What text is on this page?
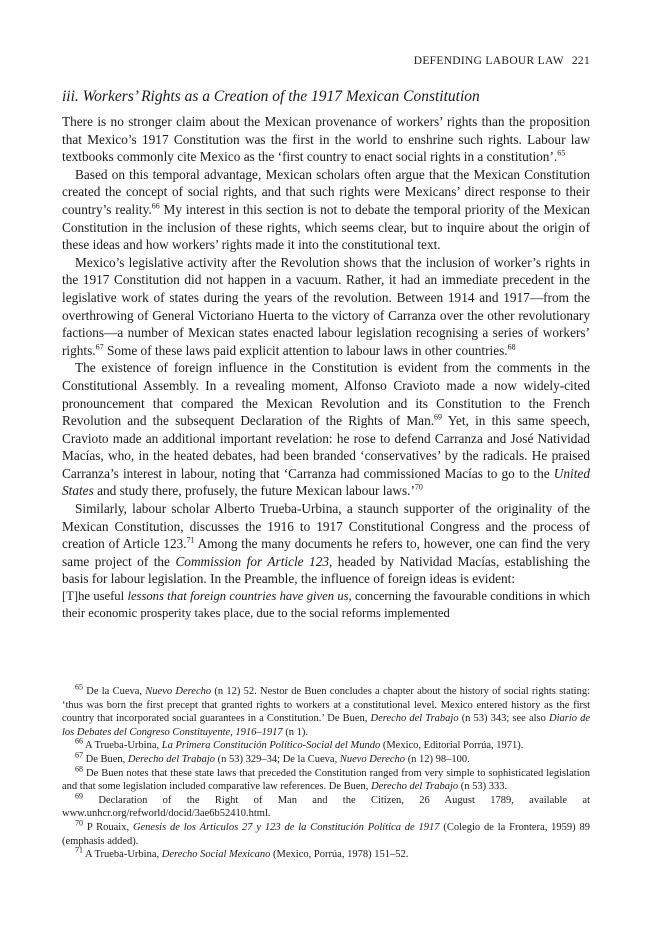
DEFENDING LABOUR LAW 221
iii. Workers’ Rights as a Creation of the 1917 Mexican Constitution

There is no stronger claim about the Mexican provenance of workers’ rights than the proposition that Mexico’s 1917 Constitution was the first in the world to enshrine such rights. Labour law textbooks commonly cite Mexico as the ‘first country to enact social rights in a constitution’.$^{65}$

Based on this temporal advantage, Mexican scholars often argue that the Mexican Constitution created the concept of social rights, and that such rights were Mexicans’ direct response to their country’s reality.$^{66}$ My interest in this section is not to debate the temporal priority of the Mexican Constitution in the inclusion of these rights, which seems clear, but to inquire about the origin of these ideas and how workers’ rights made it into the constitutional text.

Mexico’s legislative activity after the Revolution shows that the inclusion of worker’s rights in the 1917 Constitution did not happen in a vacuum. Rather, it had an immediate precedent in the legislative work of states during the years of the revolution. Between 1914 and 1917—from the overthrowing of General Victoriano Huerta to the victory of Carranza over the other revolutionary factions—a number of Mexican states enacted labour legislation recognising a series of workers’ rights.$^{67}$ Some of these laws paid explicit attention to labour laws in other countries.$^{68}$

The existence of foreign influence in the Constitution is evident from the comments in the Constitutional Assembly. In a revealing moment, Alfonso Cravioto made a now widely-cited pronouncement that compared the Mexican Revolution and its Constitution to the French Revolution and the subsequent Declaration of the Rights of Man.$^{69}$ Yet, in this same speech, Cravioto made an additional important revelation: he rose to defend Carranza and José Natividad Macías, who, in the heated debates, had been branded ‘conservatives’ by the radicals. He praised Carranza’s interest in labour, noting that ‘Carranza had commissioned Macías to go to the United States and study there, profusely, the future Mexican labour laws.’$^{70}$

Similarly, labour scholar Alberto Trueba-Urbina, a staunch supporter of the originality of the Mexican Constitution, discusses the 1916 to 1917 Constitutional Congress and the process of creation of Article 123.71 Among the many documents he refers to, however, one can find the very same project of the Commission for Article 123, headed by Natividad Macías, establishing the basis for labour legislation. In the Preamble, the influence of foreign ideas is evident:

[T]he useful lessons that foreign countries have given us, concerning the favourable conditions in which their economic prosperity takes place, due to the social reforms implemented

$^{65}$ De la Cueva, Nuevo Derecho (n 12) 52. Nestor de Buen concludes a chapter about the history of social rights stating: ‘thus was born the first precept that granted rights to workers at a constitutional level. Mexico entered history as the first country that incorporated social guarantees in a Constitution.’ De Buen, Derecho del Trabajo (n 53) 343; see also Diario de los Debates del Congreso Constituyente, 1916–1917 (n 1).

$^{66}$ A Trueba-Urbina, La Primera Constitución Político-Social del Mundo (Mexico, Editorial Porrúa, 1971).

$^{67}$ De Buen, Derecho del Trabajo (n 53) 329–34; De la Cueva, Nuevo Derecho (n 12) 98–100.

$^{68}$ De Buen notes that these state laws that preceded the Constitution ranged from very simple to sophisticated legislation and that some legislation included comparative law references. De Buen, Derecho del Trabajo (n 53) 333.

$^{69}$ Declaration of the Right of Man and the Citizen, 26 August 1789, available at www.unhcr.org/refworld/docid/3ae6b52410.html.

$^{70}$ P Rouaix, Genesis de los Articulos 27 y 123 de la Constitución Política de 1917 (Colegio de la Frontera, 1959) 89 (emphasis added).

$^{71}$ A Trueba-Urbina, Derecho Social Mexicano (Mexico, Porrúa, 1978) 151–52.
